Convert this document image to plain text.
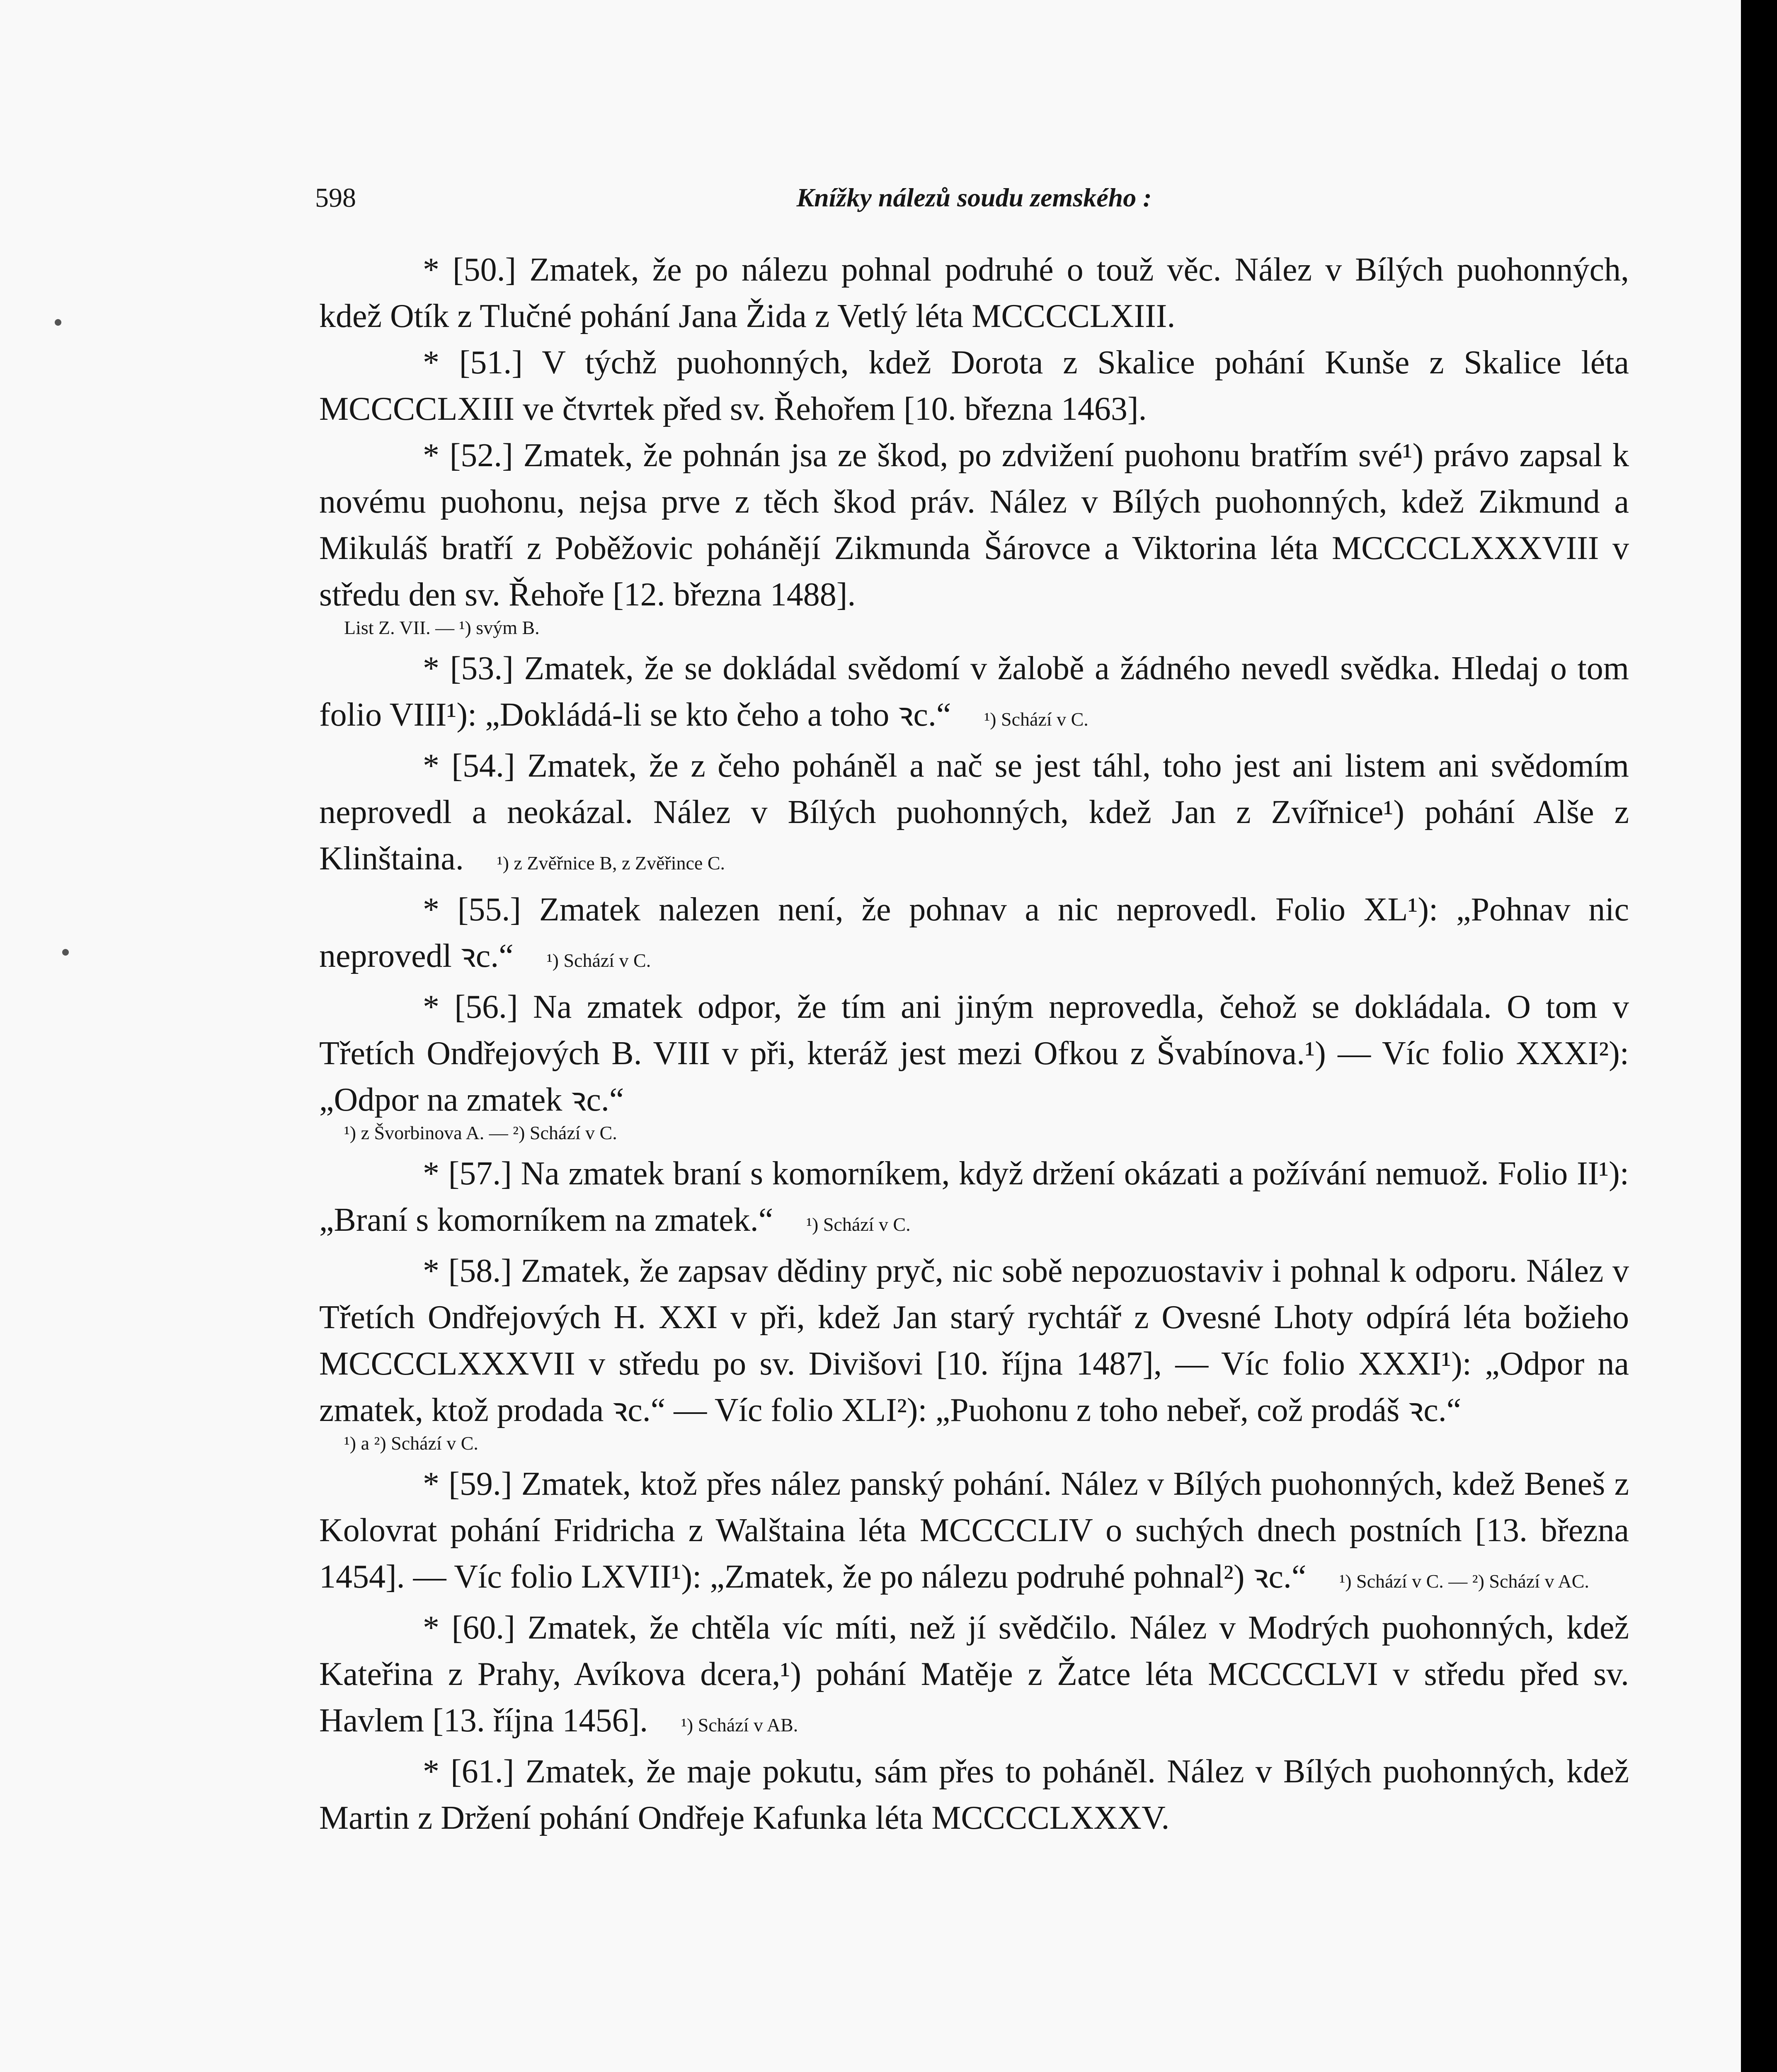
598	Knížky nálezů soudu zemského :

* [50.] Zmatek, že po nálezu pohnal podruhé o touž věc. Nález v Bílých puohonných, kdež Otík z Tlučné pohání Jana Žida z Vetlý léta MCCCCLXIII.

* [51.] V týchž puohonných, kdež Dorota z Skalice pohání Kunše z Skalice léta MCCCCLXIII ve čtvrtek před sv. Řehořem [10. března 1463].

* [52.] Zmatek, že pohnán jsa ze škod, po zdvižení puohonu bratřím své¹) právo zapsal k novému puohonu, nejsa prve z těch škod práv. Nález v Bílých puohonných, kdež Zikmund a Mikuláš bratří z Poběžovic pohánějí Zikmunda Šárovce a Viktorina léta MCCCCLXXXVIII v středu den sv. Řehoře [12. března 1488].

List Z. VII. — ¹) svým B.

* [53.] Zmatek, že se dokládal svědomí v žalobě a žádného nevedl svědka. Hledaj o tom folio VIII¹): „Dokládá-li se kto čeho a toho ꝛc.“ ¹) Schází v C.

* [54.] Zmatek, že z čeho poháněl a nač se jest táhl, toho jest ani listem ani svědomím neprovedl a neokázal. Nález v Bílých puohonných, kdež Jan z Zvířnice¹) pohání Alše z Klinštaina. ¹) z Zvěřnice B, z Zvěřince C.

* [55.] Zmatek nalezen není, že pohnav a nic neprovedl. Folio XL¹): „Pohnav nic neprovedl ꝛc.“ ¹) Schází v C.

* [56.] Na zmatek odpor, že tím ani jiným neprovedla, čehož se dokládala. O tom v Třetích Ondřejových B. VIII v při, kteráž jest mezi Ofkou z Švabínova.¹) — Víc folio XXXI²): „Odpor na zmatek ꝛc.“

¹) z Švorbinova A. — ²) Schází v C.

* [57.] Na zmatek braní s komorníkem, když držení okázati a požívání nemuož. Folio II¹): „Braní s komorníkem na zmatek.“ ¹) Schází v C.

* [58.] Zmatek, že zapsav dědiny pryč, nic sobě nepozuostaviv i pohnal k odporu. Nález v Třetích Ondřejových H. XXI v při, kdež Jan starý rychtář z Ovesné Lhoty odpírá léta božieho MCCCCLXXXVII v středu po sv. Divišovi [10. října 1487], — Víc folio XXXI¹): „Odpor na zmatek, ktož prodada ꝛc.“ — Víc folio XLI²): „Puohonu z toho nebeř, což prodáš ꝛc.“

¹) a ²) Schází v C.

* [59.] Zmatek, ktož přes nález panský pohání. Nález v Bílých puohonných, kdež Beneš z Kolovrat pohání Fridricha z Walštaina léta MCCCCLIV o suchých dnech postních [13. března 1454]. — Víc folio LXVII¹): „Zmatek, že po nálezu podruhé pohnal²) ꝛc.“ ¹) Schází v C. — ²) Schází v AC.

* [60.] Zmatek, že chtěla víc míti, než jí svědčilo. Nález v Modrých puohonných, kdež Kateřina z Prahy, Avíkova dcera,¹) pohání Matěje z Žatce léta MCCCCLVI v středu před sv. Havlem [13. října 1456]. ¹) Schází v AB.

* [61.] Zmatek, že maje pokutu, sám přes to poháněl. Nález v Bílých puohonných, kdež Martin z Držení pohání Ondřeje Kafunka léta MCCCCLXXXV.
